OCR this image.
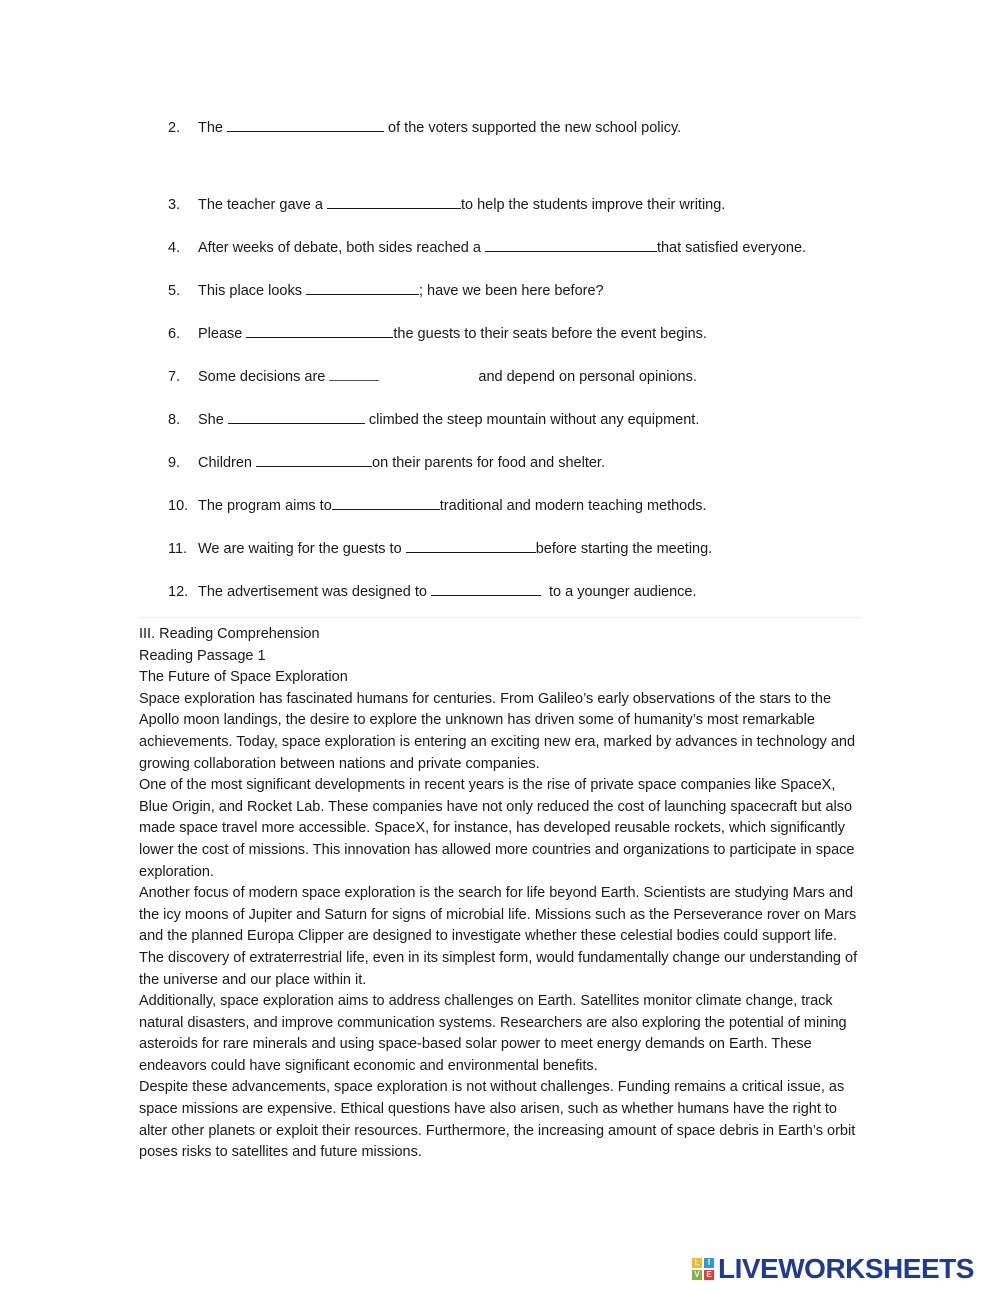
2. The	of the voters supported the new school policy.
3. The teacher gave a	to help the students improve their writing.
4. After weeks of debate, both sides reached a	that satisfied everyone.
5. This place looks	; have we been here before?
6. Please	the guests to their seats before the event begins.
7. Some decisions are	and depend on personal opinions.
8. She	climbed the steep mountain without any equipment.
9. Children	on their parents for food and shelter.
10. The program aims to	traditional and modern teaching methods.
11. We are waiting for the guests to	before starting the meeting.
12. The advertisement was designed to	to a younger audience.

III. Reading Comprehension

Reading Passage 1

The Future of Space Exploration

Space exploration has fascinated humans for centuries. From Galileo’s early observations of the stars to the Apollo moon landings, the desire to explore the unknown has driven some of humanity’s most remarkable achievements. Today, space exploration is entering an exciting new era, marked by advances in technology and growing collaboration between nations and private companies.

One of the most significant developments in recent years is the rise of private space companies like SpaceX, Blue Origin, and Rocket Lab. These companies have not only reduced the cost of launching spacecraft but also made space travel more accessible. SpaceX, for instance, has developed reusable rockets, which significantly lower the cost of missions. This innovation has allowed more countries and organizations to participate in space exploration.

Another focus of modern space exploration is the search for life beyond Earth. Scientists are studying Mars and the icy moons of Jupiter and Saturn for signs of microbial life. Missions such as the Perseverance rover on Mars and the planned Europa Clipper are designed to investigate whether these celestial bodies could support life. The discovery of extraterrestrial life, even in its simplest form, would fundamentally change our understanding of the universe and our place within it.

Additionally, space exploration aims to address challenges on Earth. Satellites monitor climate change, track natural disasters, and improve communication systems. Researchers are also exploring the potential of mining asteroids for rare minerals and using space-based solar power to meet energy demands on Earth. These endeavors could have significant economic and environmental benefits.

Despite these advancements, space exploration is not without challenges. Funding remains a critical issue, as space missions are expensive. Ethical questions have also arisen, such as whether humans have the right to alter other planets or exploit their resources. Furthermore, the increasing amount of space debris in Earth’s orbit poses risks to satellites and future missions.

L	I
V E LIVEWORKSHEETS
